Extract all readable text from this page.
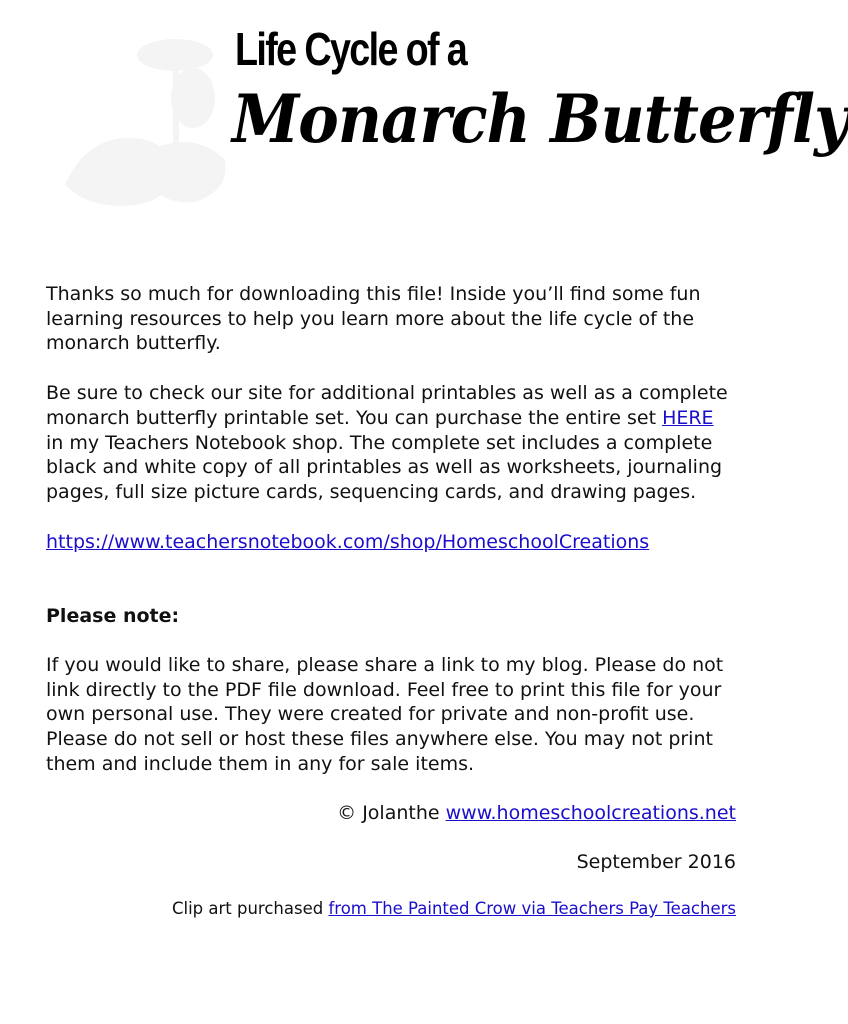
Life Cycle of a
Monarch Butterfly

Thanks so much for downloading this file! Inside you’ll find some fun learning resources to help you learn more about the life cycle of the monarch butterfly.

Be sure to check our site for additional printables as well as a complete monarch butterfly printable set. You can purchase the entire set HERE in my Teachers Notebook shop. The complete set includes a complete black and white copy of all printables as well as worksheets, journaling pages, full size picture cards, sequencing cards, and drawing pages.

https://www.teachersnotebook.com/shop/HomeschoolCreations

Please note:

If you would like to share, please share a link to my blog. Please do not link directly to the PDF file download. Feel free to print this file for your own personal use. They were created for private and non-profit use. Please do not sell or host these files anywhere else. You may not print them and include them in any for sale items.

© Jolanthe www.homeschoolcreations.net

September 2016

Clip art purchased from The Painted Crow via Teachers Pay Teachers
